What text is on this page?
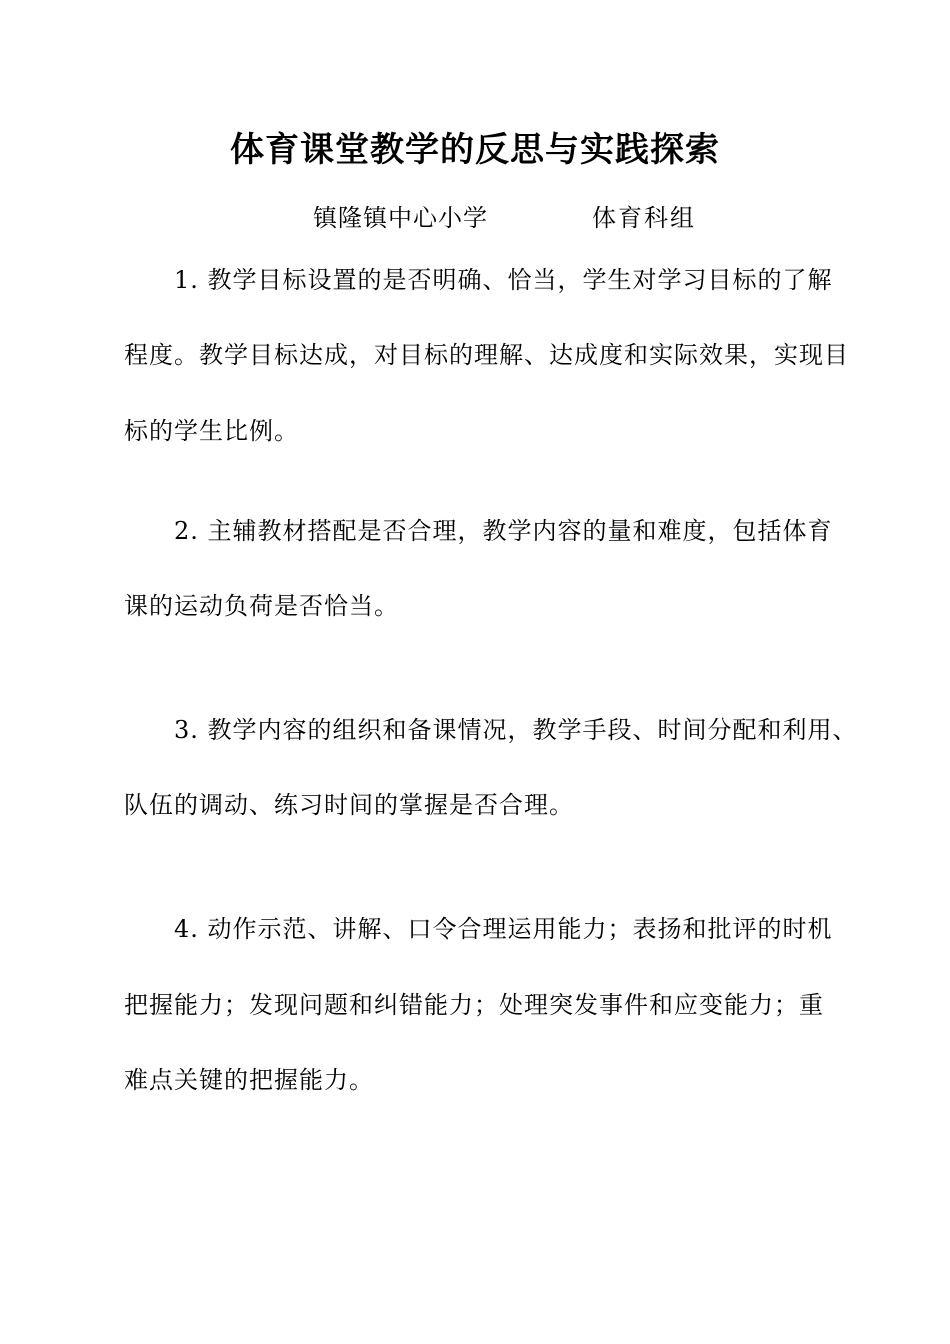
体育课堂教学的反思与实践探索
镇隆镇中心小学	体育科组
1. 教学目标设置的是否明确、恰当，学生对学习目标的了解
程度。教学目标达成，对目标的理解、达成度和实际效果，实现目
标的学生比例。
2. 主辅教材搭配是否合理，教学内容的量和难度，包括体育
课的运动负荷是否恰当。
3. 教学内容的组织和备课情况，教学手段、时间分配和利用、
队伍的调动、练习时间的掌握是否合理。
4. 动作示范、讲解、口令合理运用能力；表扬和批评的时机
把握能力；发现问题和纠错能力；处理突发事件和应变能力；重
难点关键的把握能力。
